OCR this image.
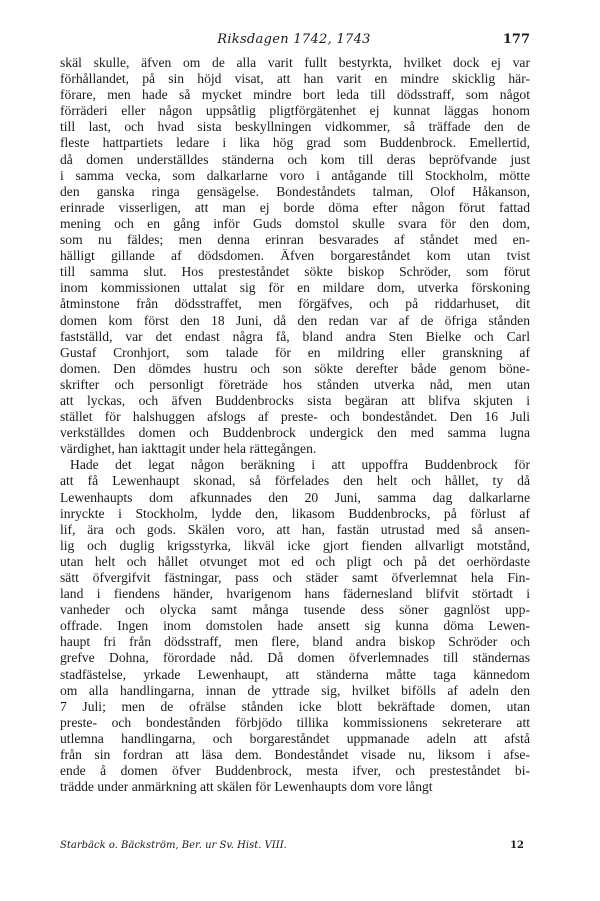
Riksdagen 1742, 1743	177
skäl skulle, äfven om de alla varit fullt bestyrkta, hvilket dock ej var
förhållandet, på sin höjd visat, att han varit en mindre skicklig här-
förare, men hade så mycket mindre bort leda till dödsstraff, som något
förräderi eller någon uppsåtlig pligtförgätenhet ej kunnat läggas honom
till last, och hvad sista beskyllningen vidkommer, så träffade den de
fleste hattpartiets ledare i lika hög grad som Buddenbrock. Emellertid,
då domen underställdes ständerna och kom till deras bepröfvande just
i samma vecka, som dalkarlarne voro i antågande till Stockholm, mötte
den ganska ringa gensägelse. Bondeståndets talman, Olof Håkanson,
erinrade visserligen, att man ej borde döma efter någon förut fattad
mening och en gång inför Guds domstol skulle svara för den dom,
som nu fäldes; men denna erinran besvarades af ståndet med en-
hälligt gillande af dödsdomen. Äfven borgareståndet kom utan tvist
till samma slut. Hos presteståndet sökte biskop Schröder, som förut
inom kommissionen uttalat sig för en mildare dom, utverka förskoning
åtminstone från dödsstraffet, men förgäfves, och på riddarhuset, dit
domen kom först den 18 Juni, då den redan var af de öfriga stånden
fastställd, var det endast några få, bland andra Sten Bielke och Carl
Gustaf Cronhjort, som talade för en mildring eller granskning af
domen. Den dömdes hustru och son sökte derefter både genom böne-
skrifter och personligt företräde hos stånden utverka nåd, men utan
att lyckas, och äfven Buddenbrocks sista begäran att blifva skjuten i
stället för halshuggen afslogs af preste- och bondeståndet. Den 16 Juli
verkställdes domen och Buddenbrock undergick den med samma lugna
värdighet, han iakttagit under hela rättegången.
Hade det legat någon beräkning i att uppoffra Buddenbrock för
att få Lewenhaupt skonad, så förfelades den helt och hållet, ty då
Lewenhaupts dom afkunnades den 20 Juni, samma dag dalkarlarne
inryckte i Stockholm, lydde den, likasom Buddenbrocks, på förlust af
lif, ära och gods. Skälen voro, att han, fastän utrustad med så ansen-
lig och duglig krigsstyrka, likväl icke gjort fienden allvarligt motstånd,
utan helt och hållet otvunget mot ed och pligt och på det oerhördaste
sätt öfvergifvit fästningar, pass och städer samt öfverlemnat hela Fin-
land i fiendens händer, hvarigenom hans fädernesland blifvit störtadt i
vanheder och olycka samt många tusende dess söner gagnlöst upp-
offrade. Ingen inom domstolen hade ansett sig kunna döma Lewen-
haupt fri från dödsstraff, men flere, bland andra biskop Schröder och
grefve Dohna, förordade nåd. Då domen öfverlemnades till ständernas
stadfästelse, yrkade Lewenhaupt, att ständerna måtte taga kännedom
om alla handlingarna, innan de yttrade sig, hvilket bifölls af adeln den
7 Juli; men de ofrälse stånden icke blott bekräftade domen, utan
preste- och bondestånden förbjödo tillika kommissionens sekreterare att
utlemna handlingarna, och borgareståndet uppmanade adeln att afstå
från sin fordran att läsa dem. Bondeståndet visade nu, liksom i afse-
ende å domen öfver Buddenbrock, mesta ifver, och presteståndet bi-
trädde under anmärkning att skälen för Lewenhaupts dom vore långt
Starbäck o. Bäckström, Ber. ur Sv. Hist. VIII.	12
